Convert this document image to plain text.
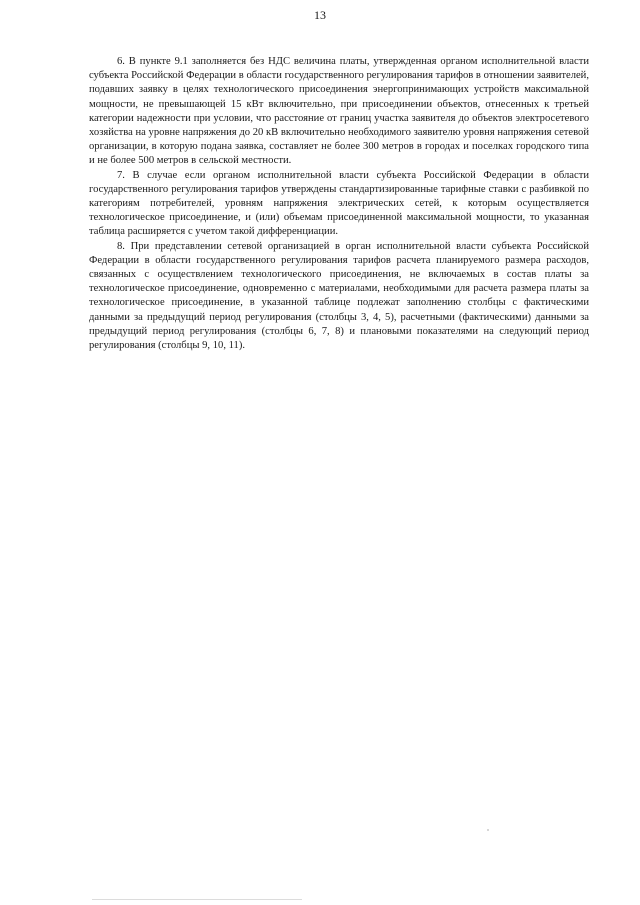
13

6. В пункте 9.1 заполняется без НДС величина платы, утвержденная органом исполнительной власти субъекта Российской Федерации в области государственного регулирования тарифов в отношении заявителей, подавших заявку в целях технологического присоединения энергопринимающих устройств максимальной мощности, не превышающей 15 кВт включительно, при присоединении объектов, отнесенных к третьей категории надежности при условии, что расстояние от границ участка заявителя до объектов электросетевого хозяйства на уровне напряжения до 20 кВ включительно необходимого заявителю уровня напряжения сетевой организации, в которую подана заявка, составляет не более 300 метров в городах и поселках городского типа и не более 500 метров в сельской местности.

7. В случае если органом исполнительной власти субъекта Российской Федерации в области государственного регулирования тарифов утверждены стандартизированные тарифные ставки с разбивкой по категориям потребителей, уровням напряжения электрических сетей, к которым осуществляется технологическое присоединение, и (или) объемам присоединенной максимальной мощности, то указанная таблица расширяется с учетом такой дифференциации.

8. При представлении сетевой организацией в орган исполнительной власти субъекта Российской Федерации в области государственного регулирования тарифов расчета планируемого размера расходов, связанных с осуществлением технологического присоединения, не включаемых в состав платы за технологическое присоединение, одновременно с материалами, необходимыми для расчета размера платы за технологическое присоединение, в указанной таблице подлежат заполнению столбцы с фактическими данными за предыдущий период регулирования (столбцы 3, 4, 5), расчетными (фактическими) данными за предыдущий период регулирования (столбцы 6, 7, 8) и плановыми показателями на следующий период регулирования (столбцы 9, 10, 11).
